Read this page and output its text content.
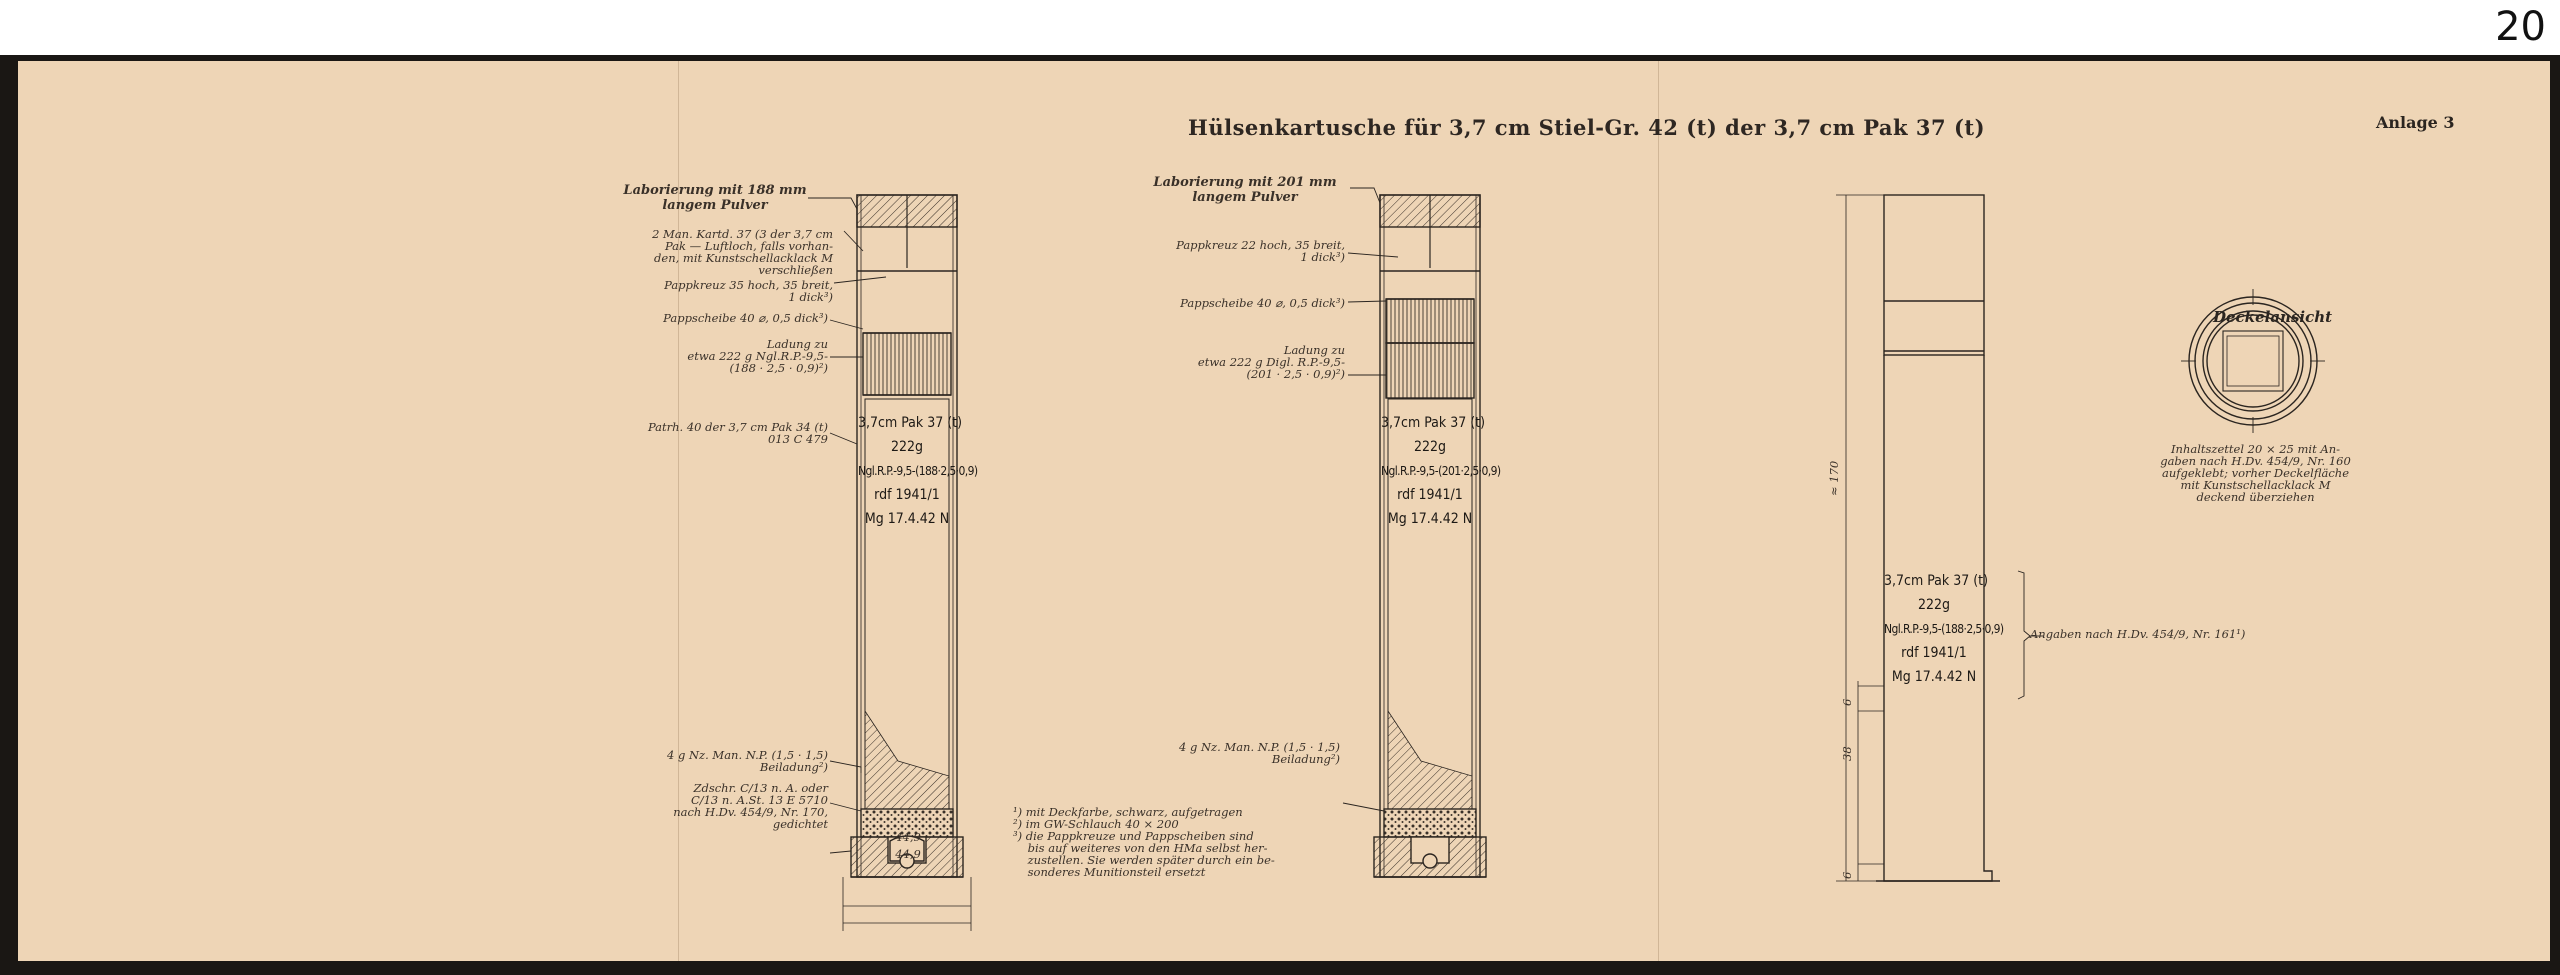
20
Hülsenkartusche für 3,7 cm Stiel-Gr. 42 (t) der 3,7 cm Pak 37 (t)	Anlage 3
Laborierung mit 188 mm
langem Pulver
2 Man. Kartd. 37 (3 der 3,7 cm
Pak — Luftloch, falls vorhan-
den, mit Kunstschellacklack M
verschließen
Pappkreuz 35 hoch, 35 breit,
1 dick³)
Pappscheibe 40 ⌀, 0,5 dick³)
Ladung zu
etwa 222 g Ngl.R.P.-9,5-
(188 · 2,5 · 0,9)²)
Patrh. 40 der 3,7 cm Pak 34 (t)
013 C 479
4 g Nz. Man. N.P. (1,5 · 1,5)
Beiladung²)
Zdschr. C/13 n. A. oder
C/13 n. A.St. 13 E 5710
nach H.Dv. 454/9, Nr. 170,
gedichtet
44,9
44,9
3,7cm Pak 37 (t)
222g
Ngl.R.P.-9,5-(188·2,5·0,9)
rdf 1941/1
Mg 17.4.42 N
Laborierung mit 201 mm
langem Pulver
Pappkreuz 22 hoch, 35 breit,
1 dick³)
Pappscheibe 40 ⌀, 0,5 dick³)
Ladung zu
etwa 222 g Digl. R.P.-9,5-
(201 · 2,5 · 0,9)²)
4 g Nz. Man. N.P. (1,5 · 1,5)
Beiladung²)
3,7cm Pak 37 (t)
222g
Ngl.R.P.-9,5-(201·2,5·0,9)
rdf 1941/1
Mg 17.4.42 N
¹) mit Deckfarbe, schwarz, aufgetragen
²) im GW-Schlauch 40 × 200
³) die Pappkreuze und Pappscheiben sind
bis auf weiteres von den HMa selbst her-
zustellen. Sie werden später durch ein be-
sonderes Munitionsteil ersetzt
3,7cm Pak 37 (t)
222g
Ngl.R.P.-9,5-(188·2,5·0,9)
rdf 1941/1
Mg 17.4.42 N
≈ 170
6
38
6
Angaben nach H.Dv. 454/9, Nr. 161¹)
Deckelansicht
Inhaltszettel 20 × 25 mit An-
gaben nach H.Dv. 454/9, Nr. 160
aufgeklebt; vorher Deckelfläche
mit Kunstschellacklack M
deckend überziehen
